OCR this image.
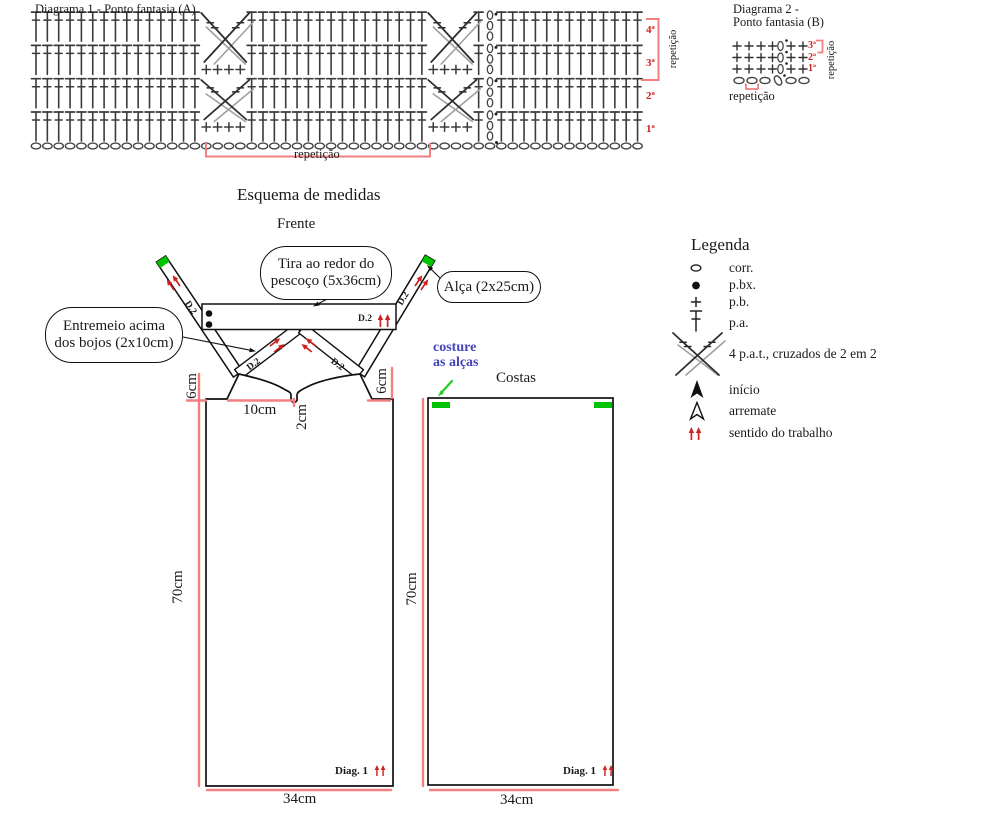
Diagrama 1 - Ponto fantasia (A)
4ª
3ª
2ª
1ª
repetição
repetição
Diagrama 2 -
Ponto fantasia (B)
3ª
2ª
1ª repetição
repetição
Esquema de medidas
Frente
Costas
Tira ao redor do
pescoço (5x36cm)	Alça (2x25cm)
Entremeio acima
dos bojos (2x10cm)	costure
as alças
10cm 2cm
6cm	6cm
70cm	70cm
34cm	34cm
D.2
D.2
D.2
D.2	D.2
Diag. 1	Diag. 1
Legenda
corr.
p.bx.
p.b.
p.a.
4 p.a.t., cruzados de 2 em 2
início
arremate
sentido do trabalho
